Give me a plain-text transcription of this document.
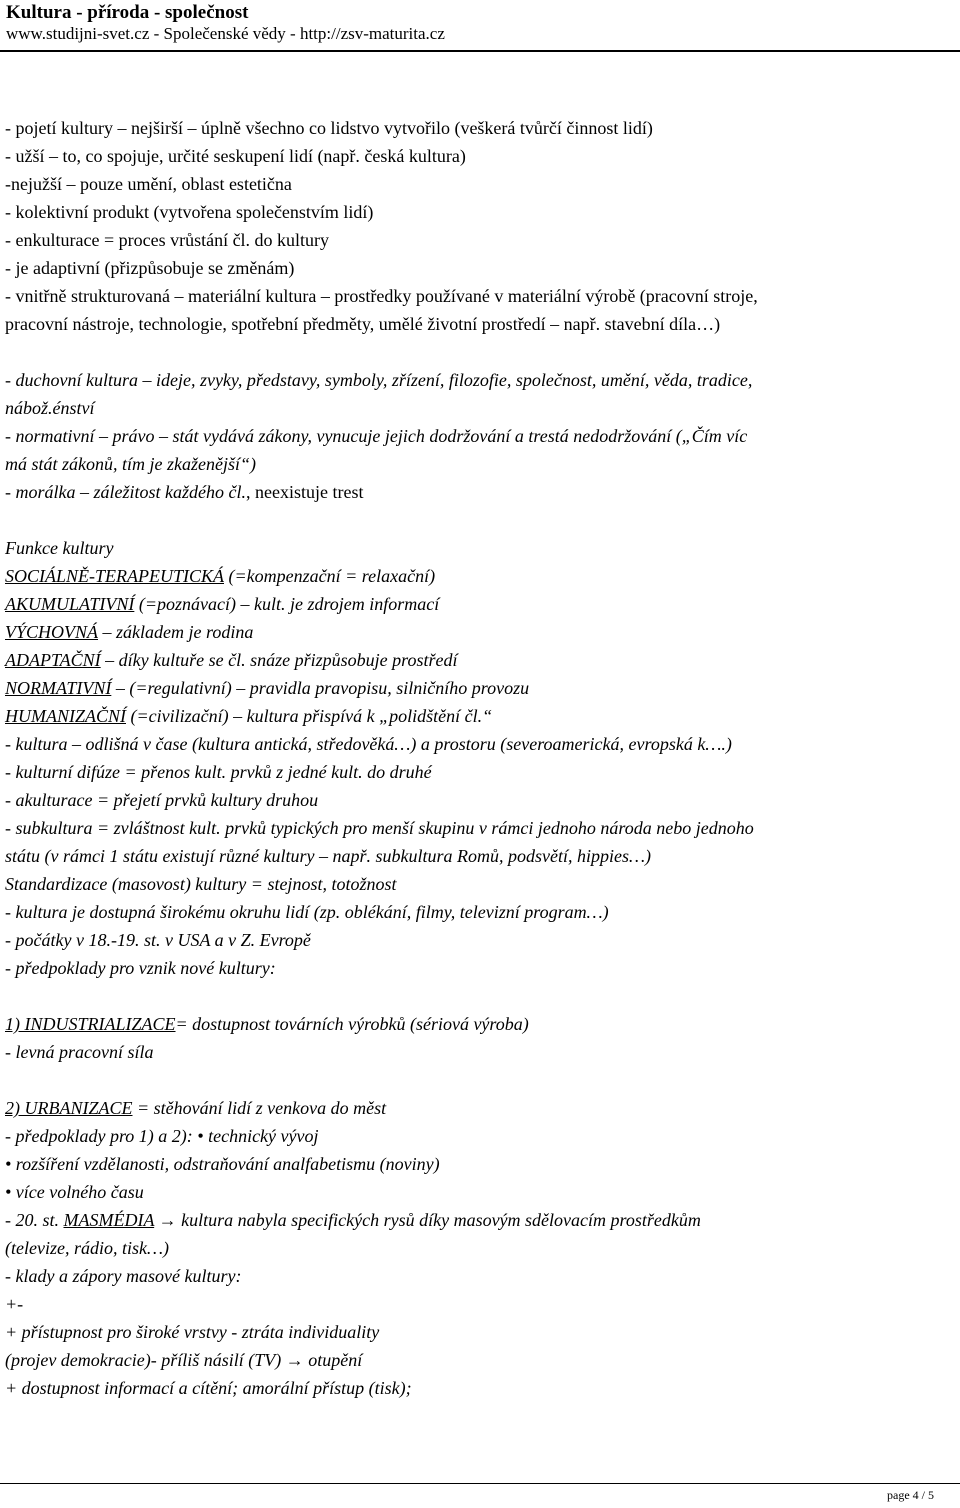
Kultura - příroda - společnost
www.studijni-svet.cz - Společenské vědy - http://zsv-maturita.cz
- pojetí kultury – nejširší – úplně všechno co lidstvo vytvořilo (veškerá tvůrčí činnost lidí)
- užší – to, co spojuje, určité seskupení lidí (např. česká kultura)
-nejužší – pouze umění, oblast estetična
- kolektivní produkt (vytvořena společenstvím lidí)
- enkulturace = proces vrůstání čl. do kultury
- je adaptivní (přizpůsobuje se změnám)
- vnitřně strukturovaná – materiální kultura – prostředky používané v materiální výrobě (pracovní stroje,
pracovní nástroje, technologie, spotřební předměty, umělé životní prostředí – např. stavební díla…)
- duchovní kultura – ideje, zvyky, představy, symboly, zřízení, filozofie, společnost, umění, věda, tradice,
nábož.énství
- normativní – právo – stát vydává zákony, vynucuje jejich dodržování a trestá nedodržování („Čím víc
má stát zákonů, tím je zkaženější“)
- morálka – záležitost každého čl., neexistuje trest
Funkce kultury
SOCIÁLNĚ-TERAPEUTICKÁ (=kompenzační = relaxační)
AKUMULATIVNÍ (=poznávací) – kult. je zdrojem informací
VÝCHOVNÁ – základem je rodina
ADAPTAČNÍ – díky kultuře se čl. snáze přizpůsobuje prostředí
NORMATIVNÍ – (=regulativní) – pravidla pravopisu, silničního provozu
HUMANIZAČNÍ (=civilizační) – kultura přispívá k „polidštění čl.“
- kultura – odlišná v čase (kultura antická, středověká…) a prostoru (severoamerická, evropská k….)
- kulturní difúze = přenos kult. prvků z jedné kult. do druhé
- akulturace = přejetí prvků kultury druhou
- subkultura = zvláštnost kult. prvků typických pro menší skupinu v rámci jednoho národa nebo jednoho
státu (v rámci 1 státu existují různé kultury – např. subkultura Romů, podsvětí, hippies…)
Standardizace (masovost) kultury = stejnost, totožnost
- kultura je dostupná širokému okruhu lidí (zp. oblékání, filmy, televizní program…)
- počátky v 18.-19. st. v USA a v Z. Evropě
- předpoklady pro vznik nové kultury:
1) INDUSTRIALIZACE= dostupnost továrních výrobků (sériová výroba)
- levná pracovní síla
2) URBANIZACE = stěhování lidí z venkova do měst
- předpoklady pro 1) a 2): • technický vývoj
• rozšíření vzdělanosti, odstraňování analfabetismu (noviny)
• více volného času
- 20. st. MASMÉDIA → kultura nabyla specifických rysů díky masovým sdělovacím prostředkům
(televize, rádio, tisk…)
- klady a zápory masové kultury:
+-
+ přístupnost pro široké vrstvy - ztráta individuality
(projev demokracie)- příliš násilí (TV) → otupění
+ dostupnost informací a cítění; amorální přístup (tisk);
page 4 / 5
